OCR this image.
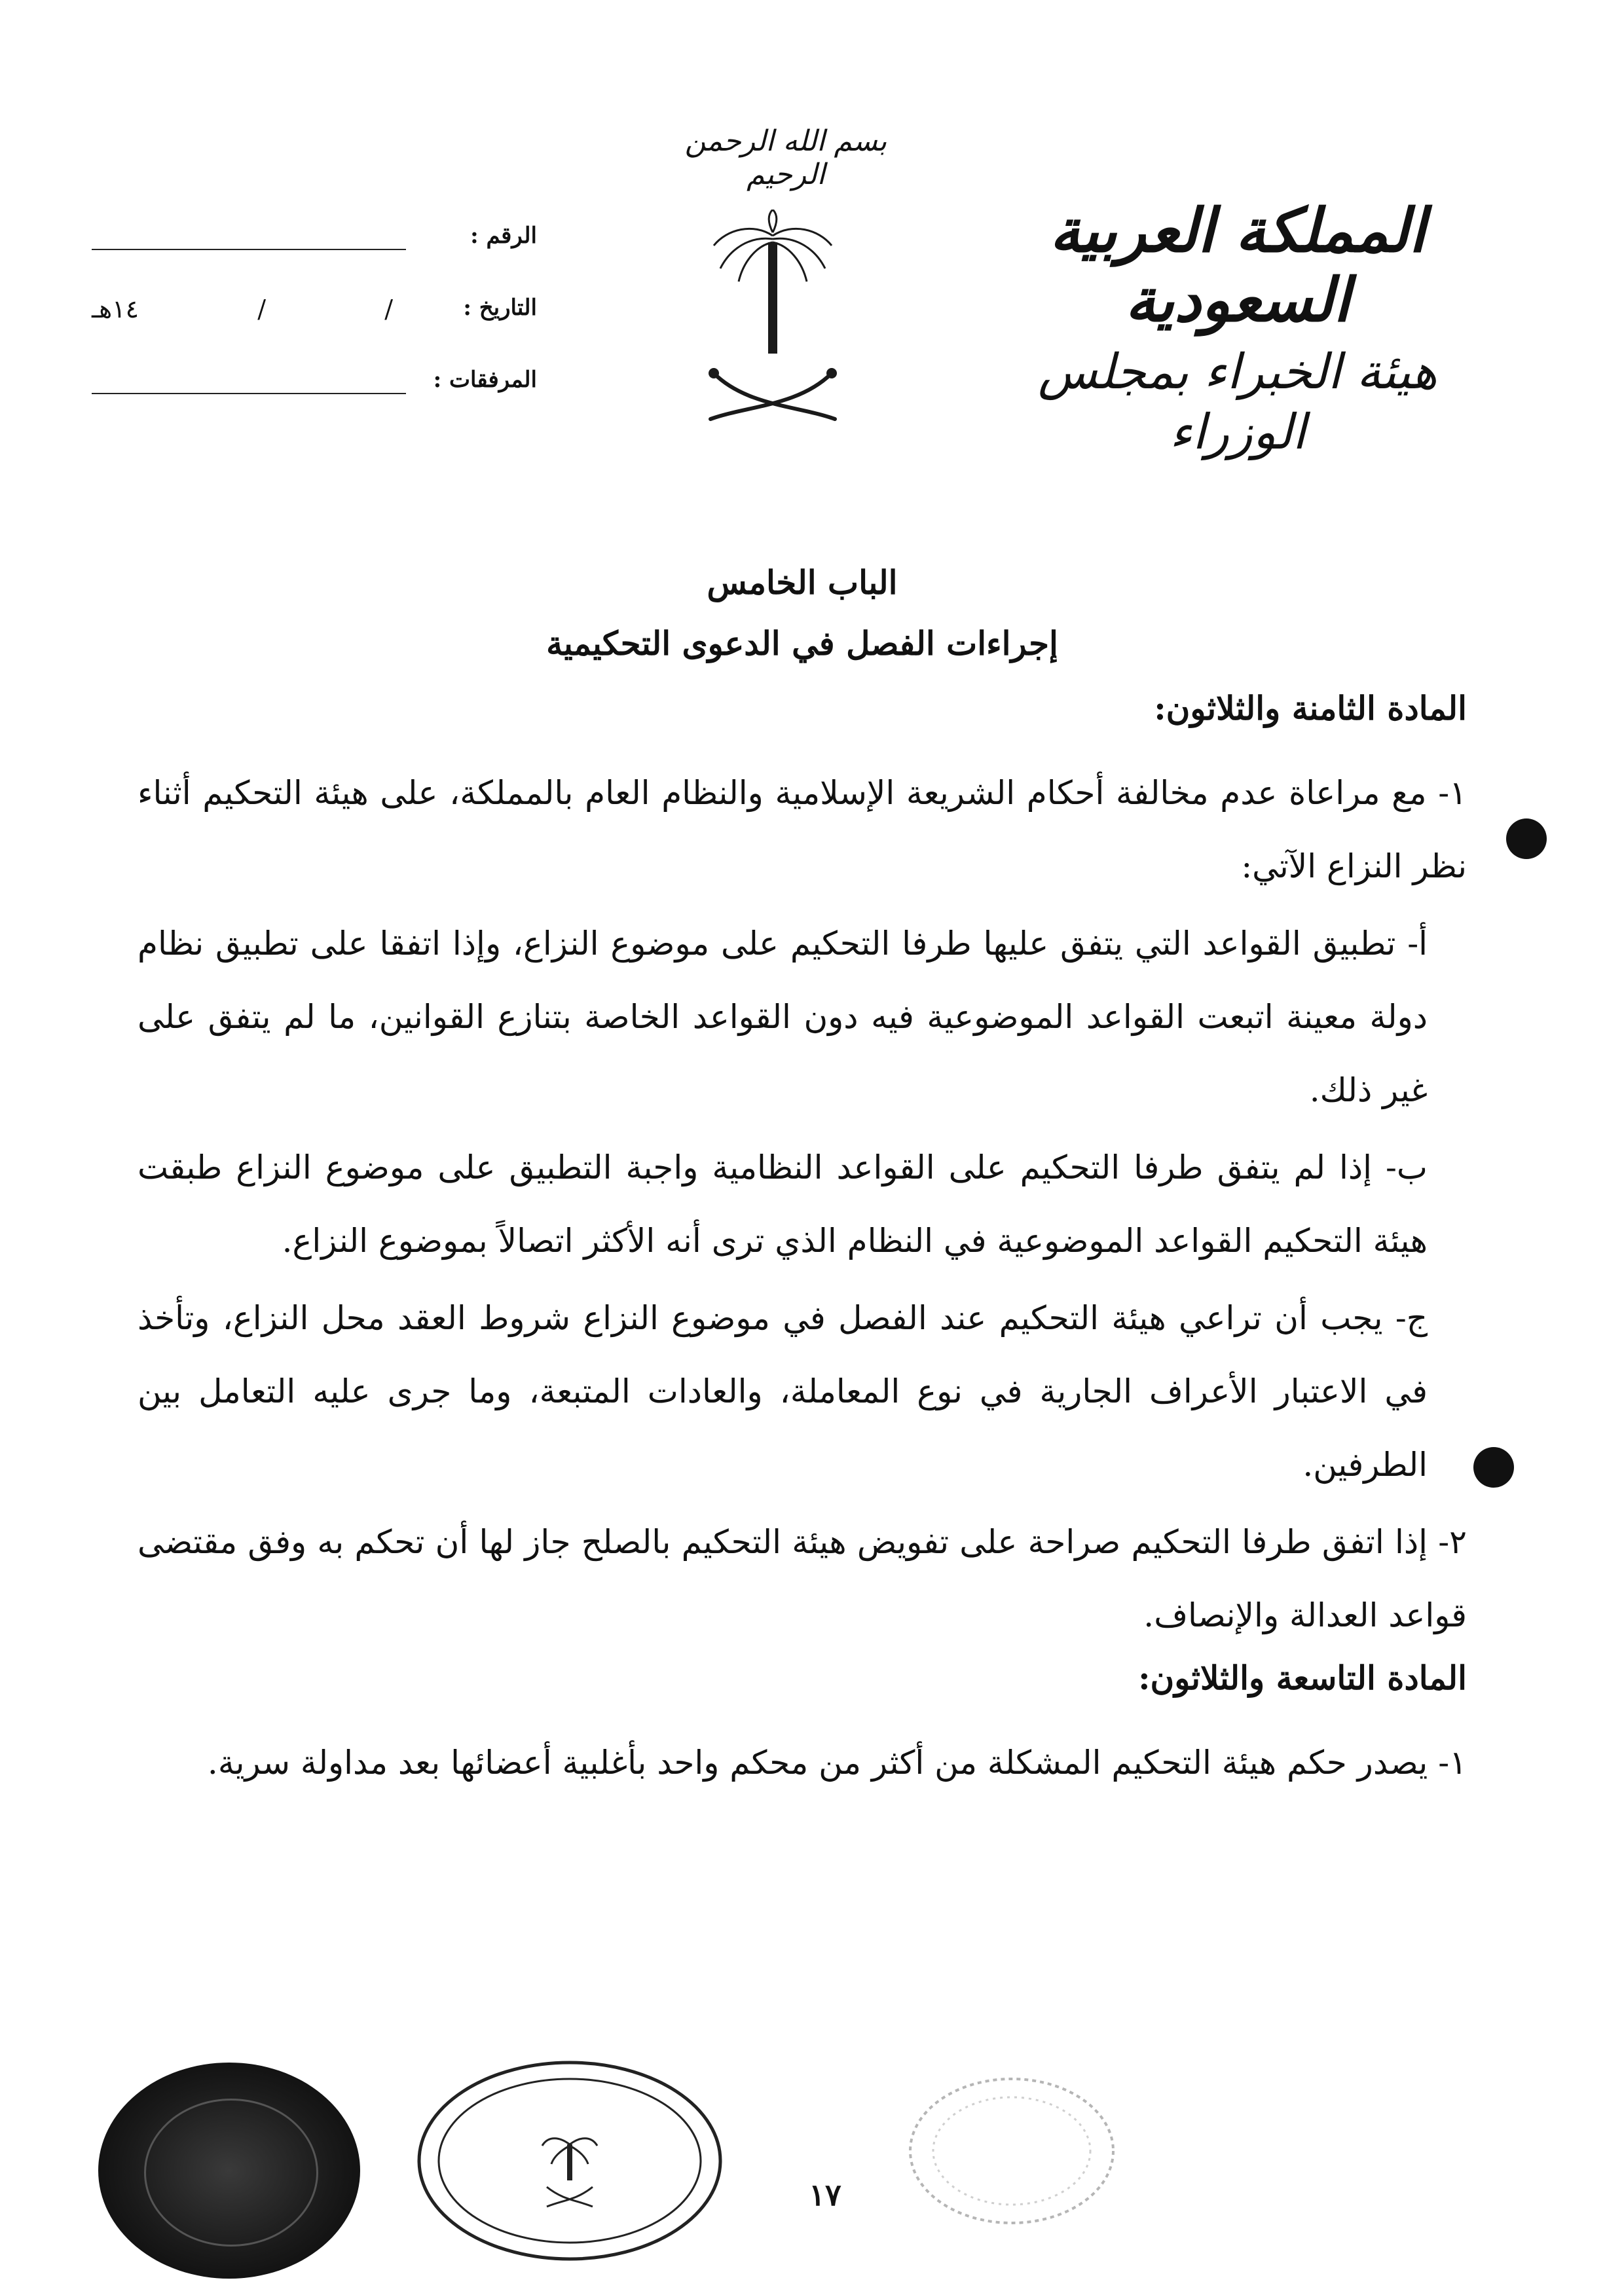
بسم الله الرحمن الرحيم
المملكة العربية السعودية
هيئة الخبراء بمجلس الوزراء
الرقم :
التاريخ :
/
/
١٤هـ
المرفقات :
الباب الخامس
إجراءات الفصل في الدعوى التحكيمية
المادة الثامنة والثلاثون:

١- مع مراعاة عدم مخالفة أحكام الشريعة الإسلامية والنظام العام بالمملكة، على هيئة التحكيم أثناء نظر النزاع الآتي:

أ- تطبيق القواعد التي يتفق عليها طرفا التحكيم على موضوع النزاع، وإذا اتفقا على تطبيق نظام دولة معينة اتبعت القواعد الموضوعية فيه دون القواعد الخاصة بتنازع القوانين، ما لم يتفق على غير ذلك.

ب- إذا لم يتفق طرفا التحكيم على القواعد النظامية واجبة التطبيق على موضوع النزاع طبقت هيئة التحكيم القواعد الموضوعية في النظام الذي ترى أنه الأكثر اتصالاً بموضوع النزاع.

ج- يجب أن تراعي هيئة التحكيم عند الفصل في موضوع النزاع شروط العقد محل النزاع، وتأخذ في الاعتبار الأعراف الجارية في نوع المعاملة، والعادات المتبعة، وما جرى عليه التعامل بين الطرفين.

٢- إذا اتفق طرفا التحكيم صراحة على تفويض هيئة التحكيم بالصلح جاز لها أن تحكم به وفق مقتضى قواعد العدالة والإنصاف.

المادة التاسعة والثلاثون:

١- يصدر حكم هيئة التحكيم المشكلة من أكثر من محكم واحد بأغلبية أعضائها بعد مداولة سرية.

١٧
